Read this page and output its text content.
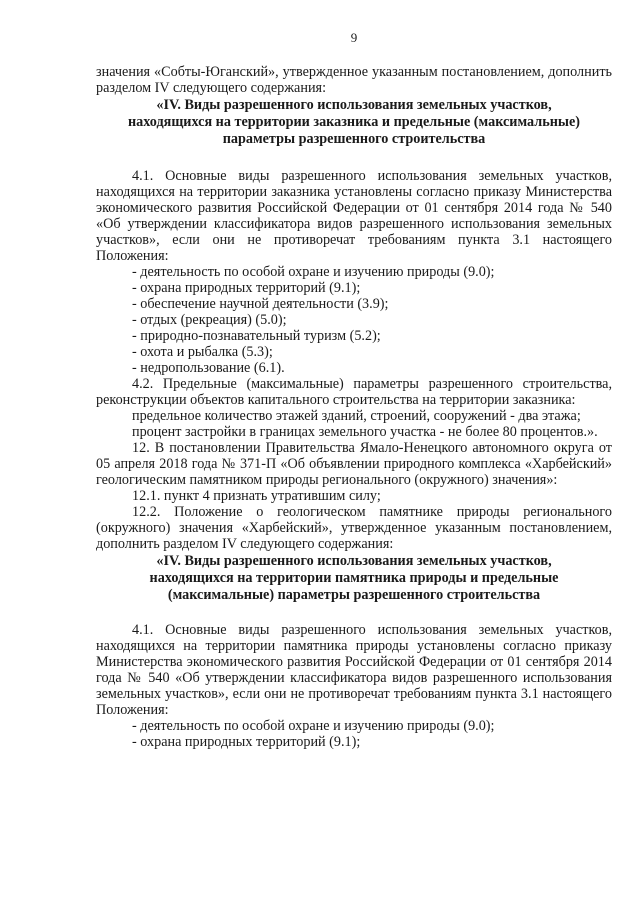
9

значения «Собты-Юганский», утвержденное указанным постановлением, дополнить разделом IV следующего содержания:

«IV. Виды разрешенного использования земельных участков,
находящихся на территории заказника и предельные (максимальные)
параметры разрешенного строительства

4.1. Основные виды разрешенного использования земельных участков, находящихся на территории заказника установлены согласно приказу Министерства экономического развития Российской Федерации от 01 сентября 2014 года № 540 «Об утверждении классификатора видов разрешенного использования земельных участков», если они не противоречат требованиям пункта 3.1 настоящего Положения:

- деятельность по особой охране и изучению природы (9.0);

- охрана природных территорий (9.1);

- обеспечение научной деятельности (3.9);

- отдых (рекреация) (5.0);

- природно-познавательный туризм (5.2);

- охота и рыбалка (5.3);

- недропользование (6.1).

4.2. Предельные (максимальные) параметры разрешенного строительства, реконструкции объектов капитального строительства на территории заказника:

предельное количество этажей зданий, строений, сооружений - два этажа;

процент застройки в границах земельного участка - не более 80 процентов.».

12. В постановлении Правительства Ямало-Ненецкого автономного округа от 05 апреля 2018 года № 371-П «Об объявлении природного комплекса «Харбейский» геологическим памятником природы регионального (окружного) значения»:

12.1. пункт 4 признать утратившим силу;

12.2. Положение о геологическом памятнике природы регионального (окружного) значения «Харбейский», утвержденное указанным постановлением, дополнить разделом IV следующего содержания:

«IV. Виды разрешенного использования земельных участков,
находящихся на территории памятника природы и предельные
(максимальные) параметры разрешенного строительства

4.1. Основные виды разрешенного использования земельных участков, находящихся на территории памятника природы установлены согласно приказу Министерства экономического развития Российской Федерации от 01 сентября 2014 года № 540 «Об утверждении классификатора видов разрешенного использования земельных участков», если они не противоречат требованиям пункта 3.1 настоящего Положения:

- деятельность по особой охране и изучению природы (9.0);

- охрана природных территорий (9.1);
